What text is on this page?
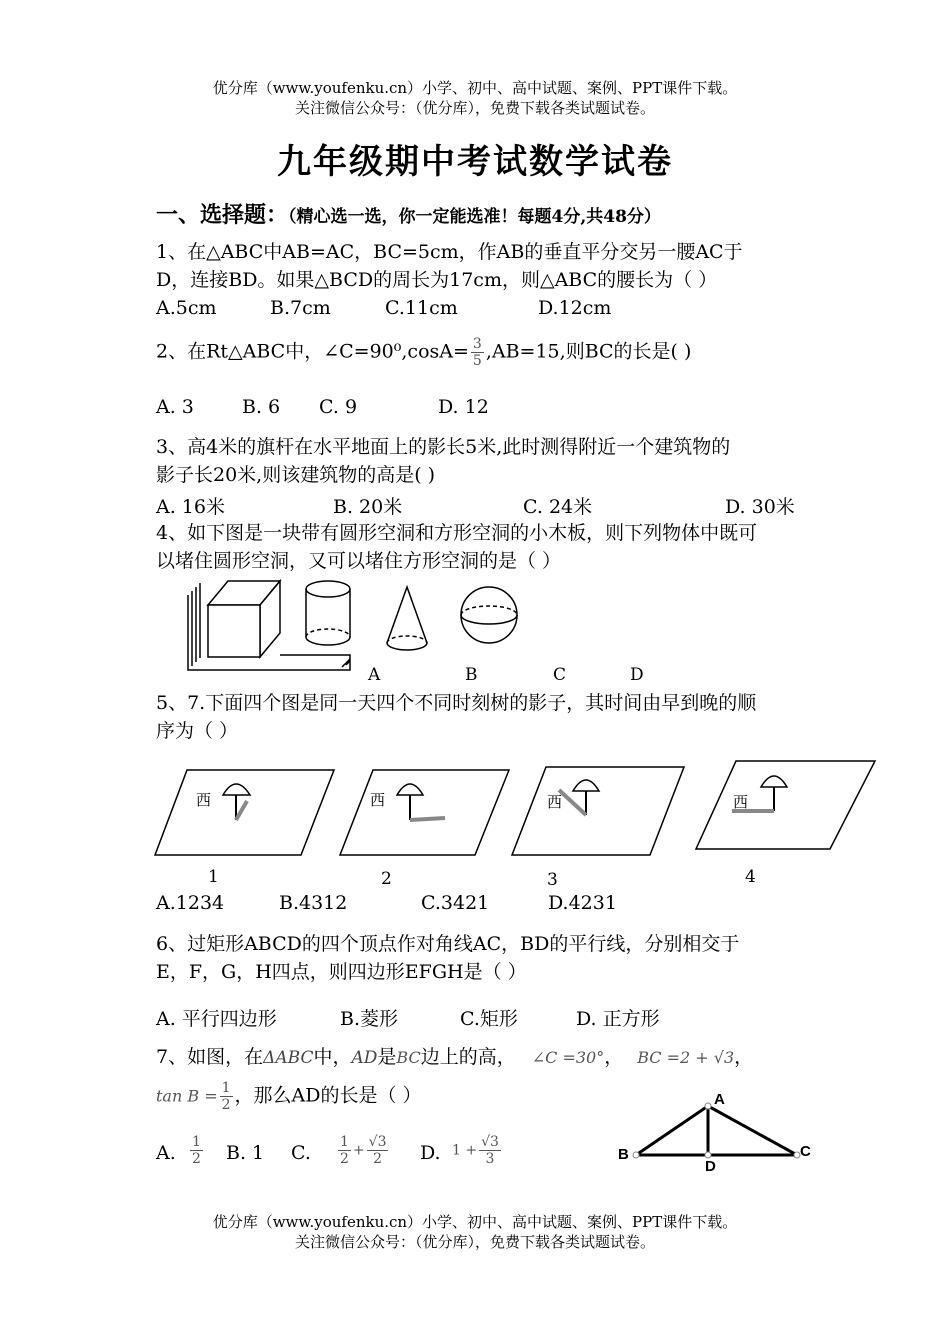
优分库（www.youfenku.cn）小学、初中、高中试题、案例、PPT课件下载。
关注微信公众号：（优分库），免费下载各类试题试卷。
九年级期中考试数学试卷
一、选择题：（精心选一选，你一定能选准！每题4分,共48分）
1、在△ABC中AB=AC，BC=5cm，作AB的垂直平分交另一腰AC于
D，连接BD。如果△BCD的周长为17cm，则△ABC的腰长为（ ）
A.5cm	B.7cm	C.11cm	D.12cm
2、在Rt△ABC中，∠C=90⁰,cosA= $\frac{3}{5} ,AB=15$,则BC的长是( )
A. 3	B. 6 C. 9	D. 12
3、高4米的旗杆在水平地面上的影长5米,此时测得附近一个建筑物的
影子长20米,则该建筑物的高是( )
A. 16米	B. 20米	C. 24米	D. 30米
4、如下图是一块带有圆形空洞和方形空洞的小木板，则下列物体中既可
以堵住圆形空洞，又可以堵住方形空洞的是（ ）
A	B	C	D
5、7.下面四个图是同一天四个不同时刻树的影子，其时间由早到晚的顺
序为（ ）
西	西	西	西
1	2	3	4
A.1234	B.4312	C.3421	D.4231
6、过矩形ABCD的四个顶点作对角线AC，BD的平行线，分别相交于
E，F，G，H四点，则四边形EFGH是（ ）
A. 平行四边形	B.菱形	C.矩形	D. 正方形
7、如图，在ΔABC中，AD是BC边上的高， ∠C =30°， BC =2 + √3，
$\tan B = \frac{1}{2}$ ，那么AD的长是（ ）
A. $\frac{1}{2} B$. 1 C. $\frac{1}{2} + \frac{√3}{2} D$. $1 + \frac{√3}{3}$
A
B	C
D
优分库（www.youfenku.cn）小学、初中、高中试题、案例、PPT课件下载。
关注微信公众号：（优分库），免费下载各类试题试卷。
